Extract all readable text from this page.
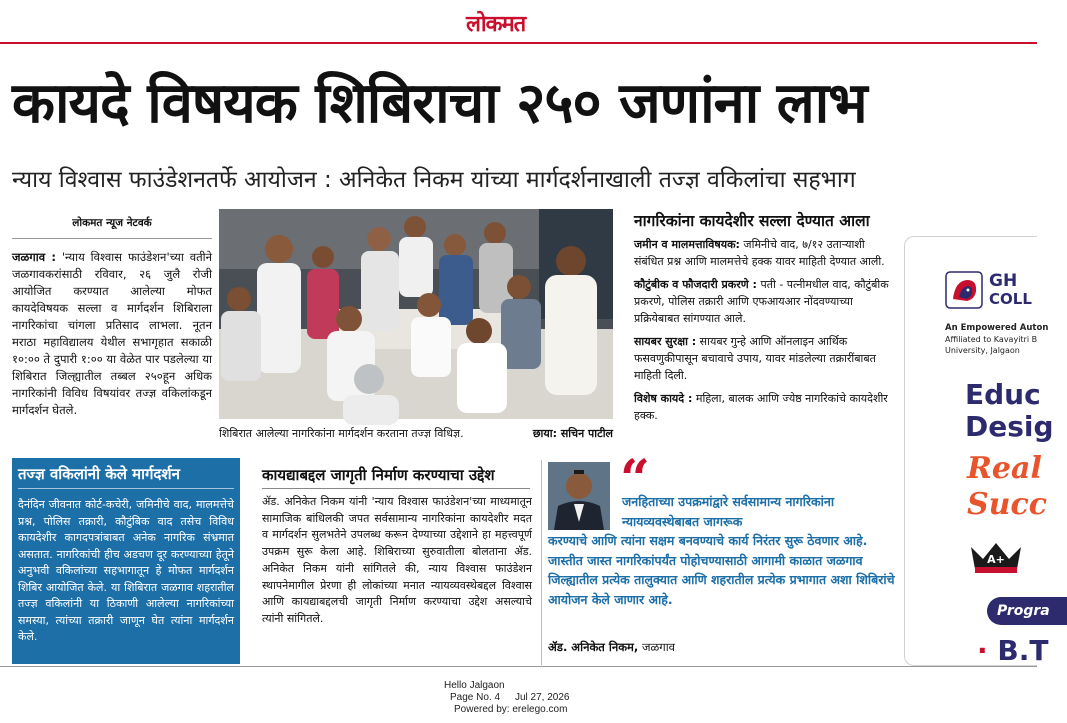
लोकमत
कायदे विषयक शिबिराचा २५० जणांना लाभ
न्याय विश्वास फाउंडेशनतर्फे आयोजन : अनिकेत निकम यांच्या मार्गदर्शनाखाली तज्ज्ञ वकिलांचा सहभाग
लोकमत न्यूज नेटवर्क
जळगाव : 'न्याय विश्वास फाउंडेशन'च्या वतीने जळगावकरांसाठी रविवार, २६ जुलै रोजी आयोजित करण्यात आलेल्या मोफत कायदेविषयक सल्ला व मार्गदर्शन शिबिराला नागरिकांचा चांगला प्रतिसाद लाभला. नूतन मराठा महाविद्यालय येथील सभागृहात सकाळी १०:०० ते दुपारी १:०० या वेळेत पार पडलेल्या या शिबिरात जिल्ह्यातील तब्बल २५०हून अधिक नागरिकांनी विविध विषयांवर तज्ज्ञ वकिलांकडून मार्गदर्शन घेतले.
तज्ज्ञ वकिलांनी केले मार्गदर्शन
दैनंदिन जीवनात कोर्ट-कचेरी, जमिनीचे वाद, मालमत्तेचे प्रश्न, पोलिस तक्रारी, कौटुंबिक वाद तसेच विविध कायदेशीर कागदपत्रांबाबत अनेक नागरिक संभ्रमात असतात. नागरिकांची हीच अडचण दूर करण्याच्या हेतूने अनुभवी वकिलांच्या सहभागातून हे मोफत मार्गदर्शन शिबिर आयोजित केले. या शिबिरात जळगाव शहरातील तज्ज्ञ वकिलांनी या ठिकाणी आलेल्या नागरिकांच्या समस्या, त्यांच्या तक्रारी जाणून घेत त्यांना मार्गदर्शन केले.
शिबिरात आलेल्या नागरिकांना मार्गदर्शन करताना तज्ज्ञ विधिज्ञ.	छाया: सचिन पाटील
नागरिकांना कायदेशीर सल्ला देण्यात आला
जमीन व मालमत्ताविषयक: जमिनीचे वाद, ७/१२ उताऱ्याशी संबंधित प्रश्न आणि मालमत्तेचे हक्क यावर माहिती देण्यात आली.
कौटुंबीक व फौजदारी प्रकरणे : पती - पत्नीमधील वाद, कौटुंबीक प्रकरणे, पोलिस तक्रारी आणि एफआयआर नोंदवण्याच्या प्रक्रियेबाबत सांगण्यात आले.
सायबर सुरक्षा : सायबर गुन्हे आणि ऑनलाइन आर्थिक फसवणुकीपासून बचावाचे उपाय, यावर मांडलेल्या तक्रारींबाबत माहिती दिली.
विशेष कायदे : महिला, बालक आणि ज्येष्ठ नागरिकांचे कायदेशीर हक्क.
कायद्याबद्दल जागृती निर्माण करण्याचा उद्देश
ॲड. अनिकेत निकम यांनी 'न्याय विश्वास फाउंडेशन'च्या माध्यमातून सामाजिक बांधिलकी जपत सर्वसामान्य नागरिकांना कायदेशीर मदत व मार्गदर्शन सुलभतेने उपलब्ध करून देण्याच्या उद्देशाने हा महत्त्वपूर्ण उपक्रम सुरू केला आहे. शिबिराच्या सुरुवातीला बोलताना ॲड. अनिकेत निकम यांनी सांगितले की, न्याय विश्वास फाउंडेशन स्थापनेमागील प्रेरणा ही लोकांच्या मनात न्यायव्यवस्थेबद्दल विश्वास आणि कायद्याबद्दलची जागृती निर्माण करण्याचा उद्देश असल्याचे त्यांनी सांगितले.
“
जनहिताच्या उपक्रमांद्वारे सर्वसामान्य नागरिकांना न्यायव्यवस्थेबाबत जागरूक
करण्याचे आणि त्यांना सक्षम बनवण्याचे कार्य निरंतर सुरू ठेवणार आहे. जास्तीत जास्त नागरिकांपर्यंत पोहोचण्यासाठी आगामी काळात जळगाव जिल्ह्यातील प्रत्येक तालुक्यात आणि शहरातील प्रत्येक प्रभागात अशा शिबिरांचे आयोजन केले जाणार आहे.
ॲड. अनिकेत निकम, जळगाव
GH
COLL
An Empowered Auton
Affiliated to Kavayitri B
University, Jalgaon
Educ
Desig
Real
Succ
A+
Progra
· B.T
Hello Jalgaon
Page No. 4 Jul 27, 2026
Powered by: erelego.com
